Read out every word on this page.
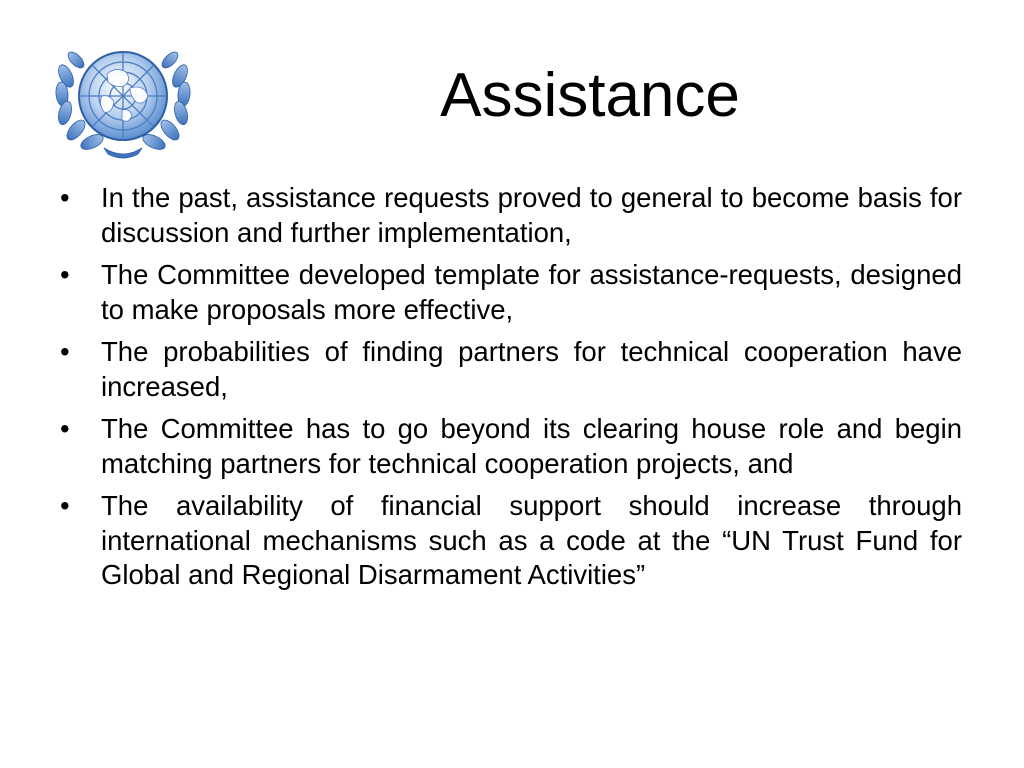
Assistance
•	In the past, assistance requests proved to general to become basis for discussion and further implementation,
•	The Committee developed template for assistance-requests, designed to make proposals more effective,
•	The probabilities of finding partners for technical cooperation have increased,
•	The Committee has to go beyond its clearing house role and begin matching partners for technical cooperation projects, and
•	The availability of financial support should increase through international mechanisms such as a code at the “UN Trust Fund for Global and Regional Disarmament Activities”
